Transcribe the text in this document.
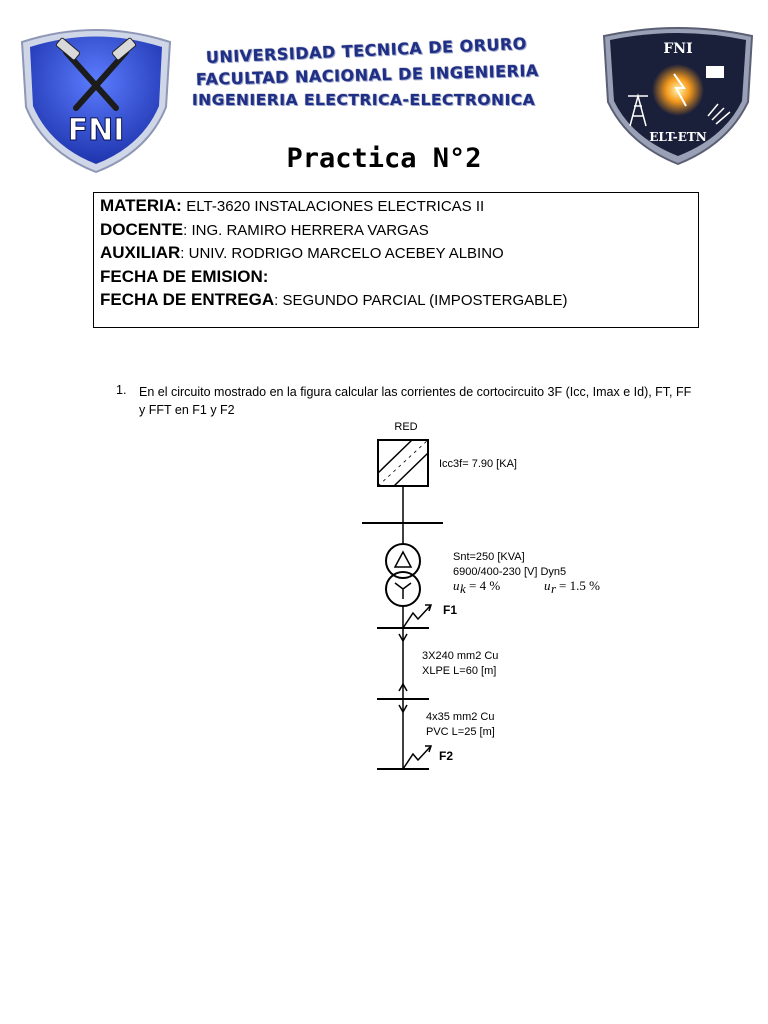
FNI
UNIVERSIDAD TECNICA DE ORURO
FACULTAD NACIONAL DE INGENIERIA
INGENIERIA ELECTRICA-ELECTRONICA
FNI
ELT-ETN
Practica N°2
MATERIA: ELT-3620 INSTALACIONES ELECTRICAS II
DOCENTE: ING. RAMIRO HERRERA VARGAS
AUXILIAR: UNIV. RODRIGO MARCELO ACEBEY ALBINO
FECHA DE EMISION:
FECHA DE ENTREGA: SEGUNDO PARCIAL (IMPOSTERGABLE)
1. En el circuito mostrado en la figura calcular las corrientes de cortocircuito 3F (Icc, Imax e Id), FT, FF y FFT en F1 y F2
RED
Icc3f= 7.90 [KA]
Snt=250 [KVA]
6900/400-230 [V] Dyn5
u k = 4 %	u r = 1.5 %
F1
3X240 mm2 Cu
XLPE L=60 [m]
4x35 mm2 Cu
PVC L=25 [m]
F2
